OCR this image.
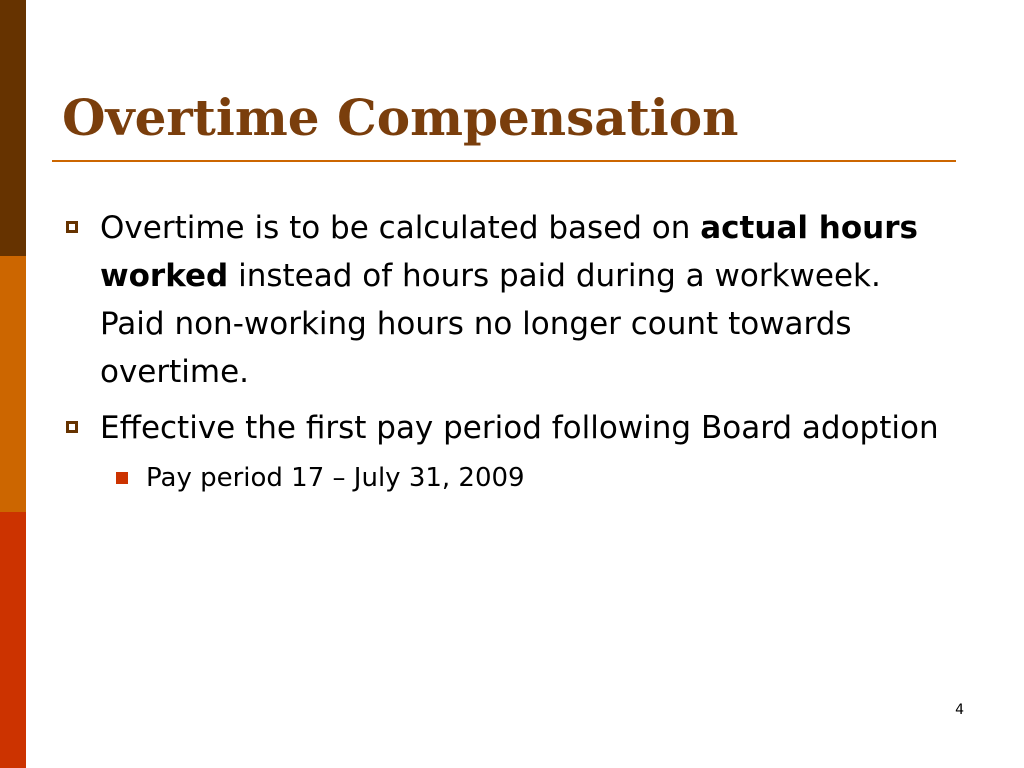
Overtime Compensation
Overtime is to be calculated based on actual hours worked instead of hours paid during a workweek. Paid non-working hours no longer count towards overtime.
Effective the first pay period following Board adoption
Pay period 17 – July 31, 2009
4
